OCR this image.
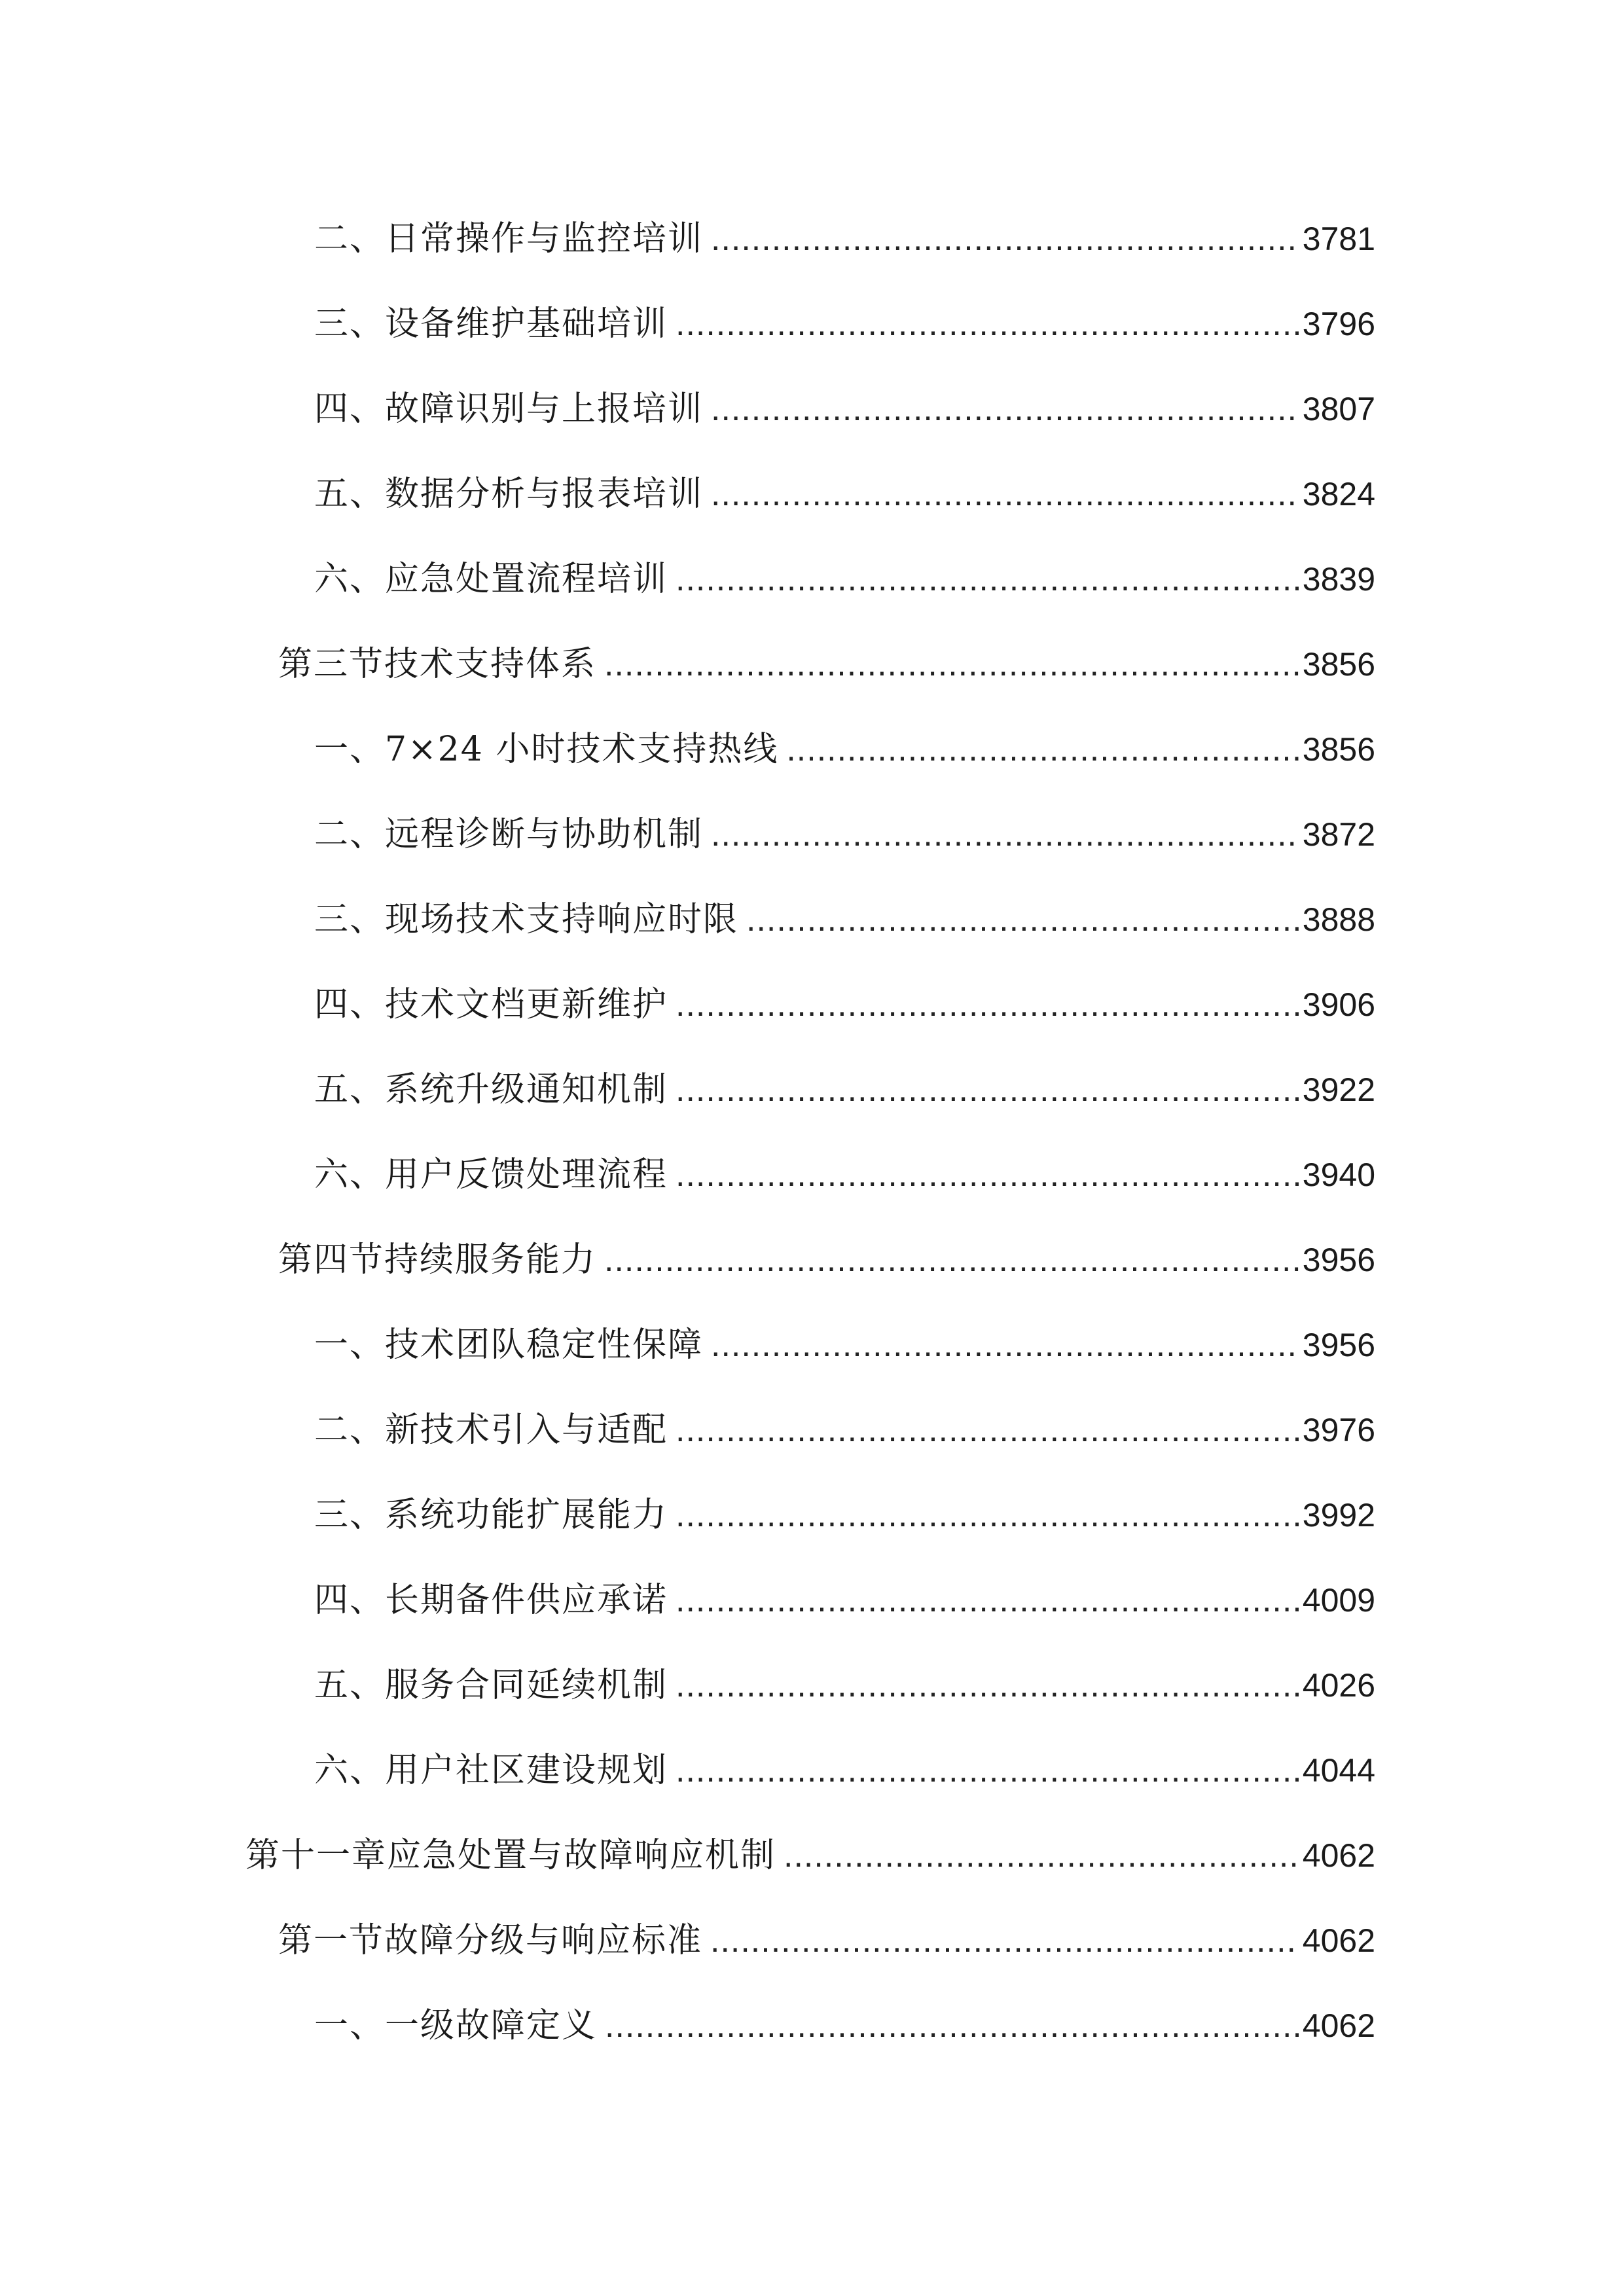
二、日常操作与监控培训 .....	3781
三、设备维护基础培训 .....	3796
四、故障识别与上报培训 .....	3807
五、数据分析与报表培训 .....	3824
六、应急处置流程培训 .....	3839
第三节技术支持体系 .....	3856
一、7×24 小时技术支持热线 .....	3856
二、远程诊断与协助机制 .....	3872
三、现场技术支持响应时限 .....	3888
四、技术文档更新维护 .....	3906
五、系统升级通知机制 .....	3922
六、用户反馈处理流程 .....	3940
第四节持续服务能力 .....	3956
一、技术团队稳定性保障 .....	3956
二、新技术引入与适配 .....	3976
三、系统功能扩展能力 .....	3992
四、长期备件供应承诺 .....	4009
五、服务合同延续机制 .....	4026
六、用户社区建设规划 .....	4044
第十一章应急处置与故障响应机制 .....	4062
第一节故障分级与响应标准 .....	4062
一、一级故障定义 .....	4062
